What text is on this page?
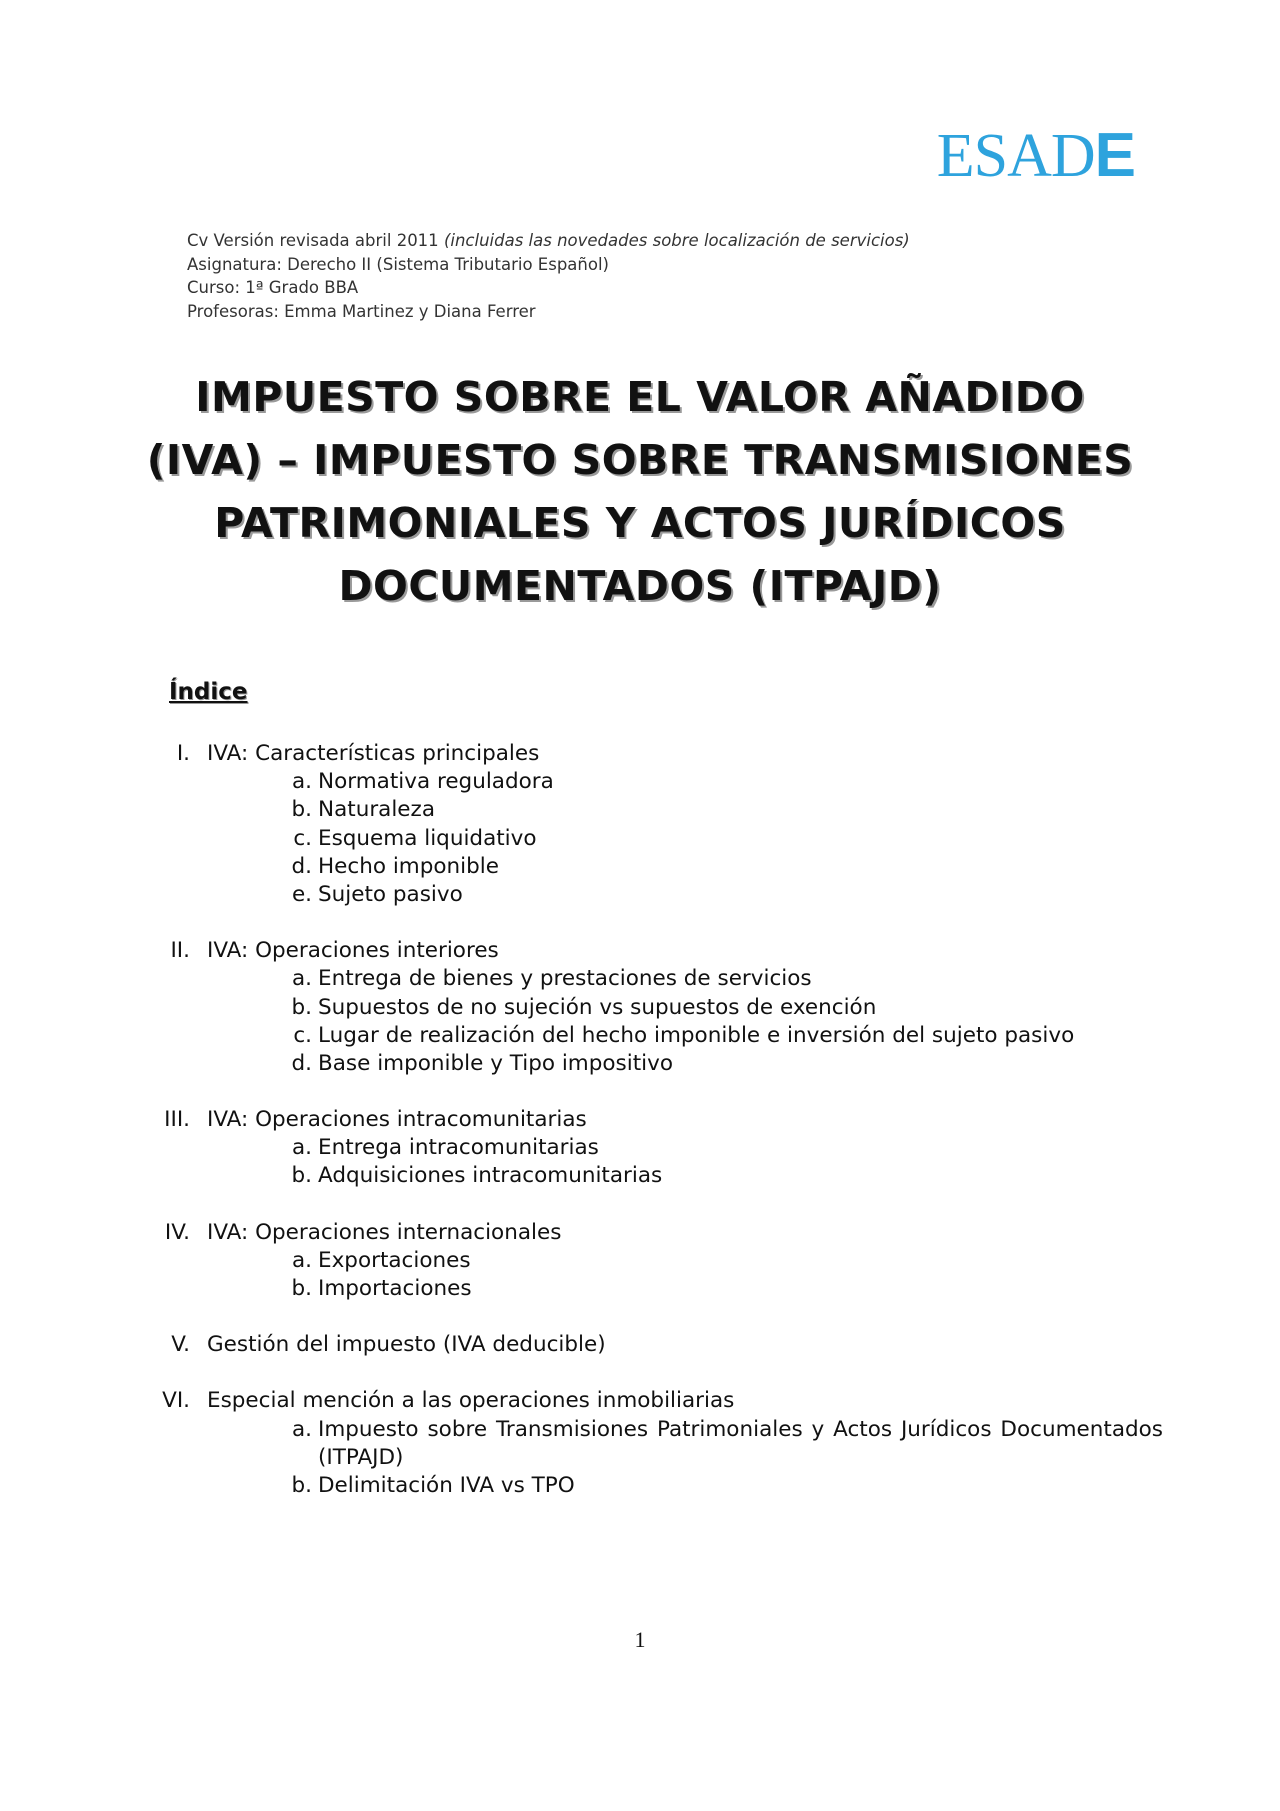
ESADE
Cv Versión revisada abril 2011 (incluidas las novedades sobre localización de servicios)
Asignatura: Derecho II (Sistema Tributario Español)
Curso: 1ª Grado BBA
Profesoras: Emma Martinez y Diana Ferrer
IMPUESTO SOBRE EL VALOR AÑADIDO
(IVA) – IMPUESTO SOBRE TRANSMISIONES
PATRIMONIALES Y ACTOS JURÍDICOS
DOCUMENTADOS (ITPAJD)
Índice
I. IVA: Características principales
a. Normativa reguladora
b. Naturaleza
c. Esquema liquidativo
d. Hecho imponible
e. Sujeto pasivo
II. IVA: Operaciones interiores
a. Entrega de bienes y prestaciones de servicios
b. Supuestos de no sujeción vs supuestos de exención
c. Lugar de realización del hecho imponible e inversión del sujeto pasivo
d. Base imponible y Tipo impositivo
III. IVA: Operaciones intracomunitarias
a. Entrega intracomunitarias
b. Adquisiciones intracomunitarias
IV. IVA: Operaciones internacionales
a. Exportaciones
b. Importaciones
V. Gestión del impuesto (IVA deducible)
VI. Especial mención a las operaciones inmobiliarias
a. Impuesto sobre Transmisiones Patrimoniales y Actos Jurídicos Documentados (ITPAJD)
b. Delimitación IVA vs TPO
1
